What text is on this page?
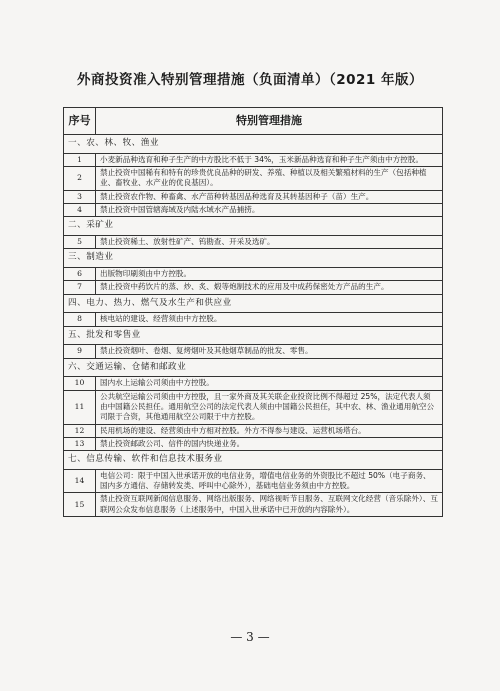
外商投资准入特别管理措施（负面清单）（2021 年版）
序号	特别管理措施
一、农、林、牧、渔业	
1	小麦新品种选育和种子生产的中方股比不低于 34%，玉米新品种选育和种子生产须由中方控股。
2	禁止投资中国稀有和特有的珍贵优良品种的研发、养殖、种植以及相关繁殖材料的生产（包括种植业、畜牧业、水产业的优良基因）。
3	禁止投资农作物、种畜禽、水产苗种转基因品种选育及其转基因种子（苗）生产。
4	禁止投资中国管辖海域及内陆水域水产品捕捞。
二、采矿业	
5	禁止投资稀土、放射性矿产、钨勘查、开采及选矿。
三、制造业	
6	出版物印刷须由中方控股。
7	禁止投资中药饮片的蒸、炒、炙、煅等炮制技术的应用及中成药保密处方产品的生产。
四、电力、热力、燃气及水生产和供应业	
8	核电站的建设、经营须由中方控股。
五、批发和零售业	
9	禁止投资烟叶、卷烟、复烤烟叶及其他烟草制品的批发、零售。
六、交通运输、仓储和邮政业	
10	国内水上运输公司须由中方控股。
11	公共航空运输公司须由中方控股，且一家外商及其关联企业投资比例不得超过 25%，法定代表人须由中国籍公民担任。通用航空公司的法定代表人须由中国籍公民担任，其中农、林、渔业通用航空公司限于合资，其他通用航空公司限于中方控股。
12	民用机场的建设、经营须由中方相对控股。外方不得参与建设、运营机场塔台。
13	禁止投资邮政公司、信件的国内快递业务。
七、信息传输、软件和信息技术服务业	
14	电信公司：限于中国入世承诺开放的电信业务，增值电信业务的外资股比不超过 50%（电子商务、国内多方通信、存储转发类、呼叫中心除外），基础电信业务须由中方控股。
15	禁止投资互联网新闻信息服务、网络出版服务、网络视听节目服务、互联网文化经营（音乐除外）、互联网公众发布信息服务（上述服务中，中国入世承诺中已开放的内容除外）。
— 3 —
